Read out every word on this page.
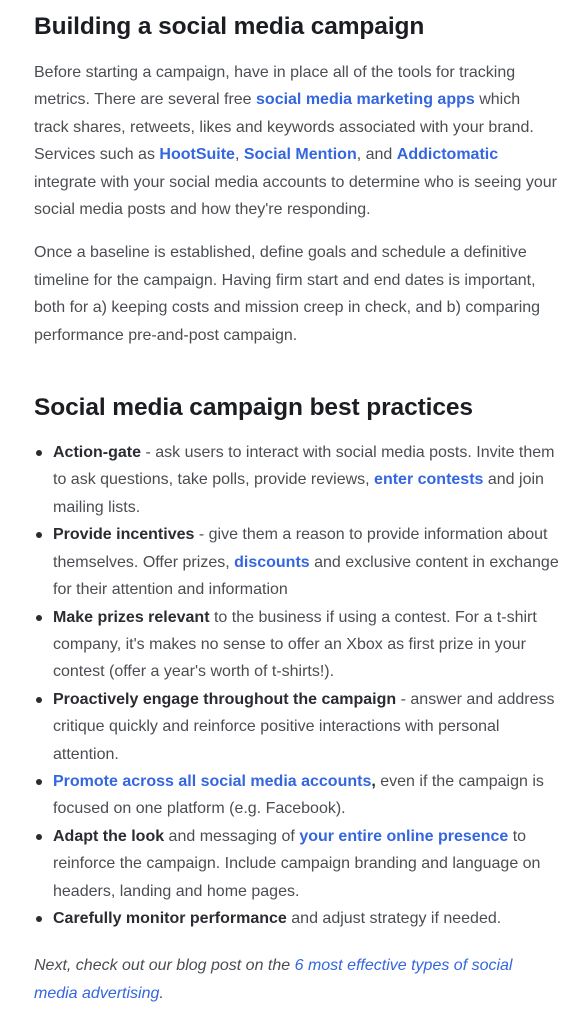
Building a social media campaign

Before starting a campaign, have in place all of the tools for tracking metrics. There are several free social media marketing apps which track shares, retweets, likes and keywords associated with your brand. Services such as HootSuite, Social Mention, and Addictomatic integrate with your social media accounts to determine who is seeing your social media posts and how they're responding.

Once a baseline is established, define goals and schedule a definitive timeline for the campaign. Having firm start and end dates is important, both for a) keeping costs and mission creep in check, and b) comparing performance pre-and-post campaign.

Social media campaign best practices
Action-gate - ask users to interact with social media posts. Invite them to ask questions, take polls, provide reviews, enter contests and join mailing lists.
Provide incentives - give them a reason to provide information about themselves. Offer prizes, discounts and exclusive content in exchange for their attention and information
Make prizes relevant to the business if using a contest. For a t-shirt company, it's makes no sense to offer an Xbox as first prize in your contest (offer a year's worth of t-shirts!).
Proactively engage throughout the campaign - answer and address critique quickly and reinforce positive interactions with personal attention.
Promote across all social media accounts, even if the campaign is focused on one platform (e.g. Facebook).
Adapt the look and messaging of your entire online presence to reinforce the campaign. Include campaign branding and language on headers, landing and home pages.
Carefully monitor performance and adjust strategy if needed.

Next, check out our blog post on the 6 most effective types of social media advertising.
